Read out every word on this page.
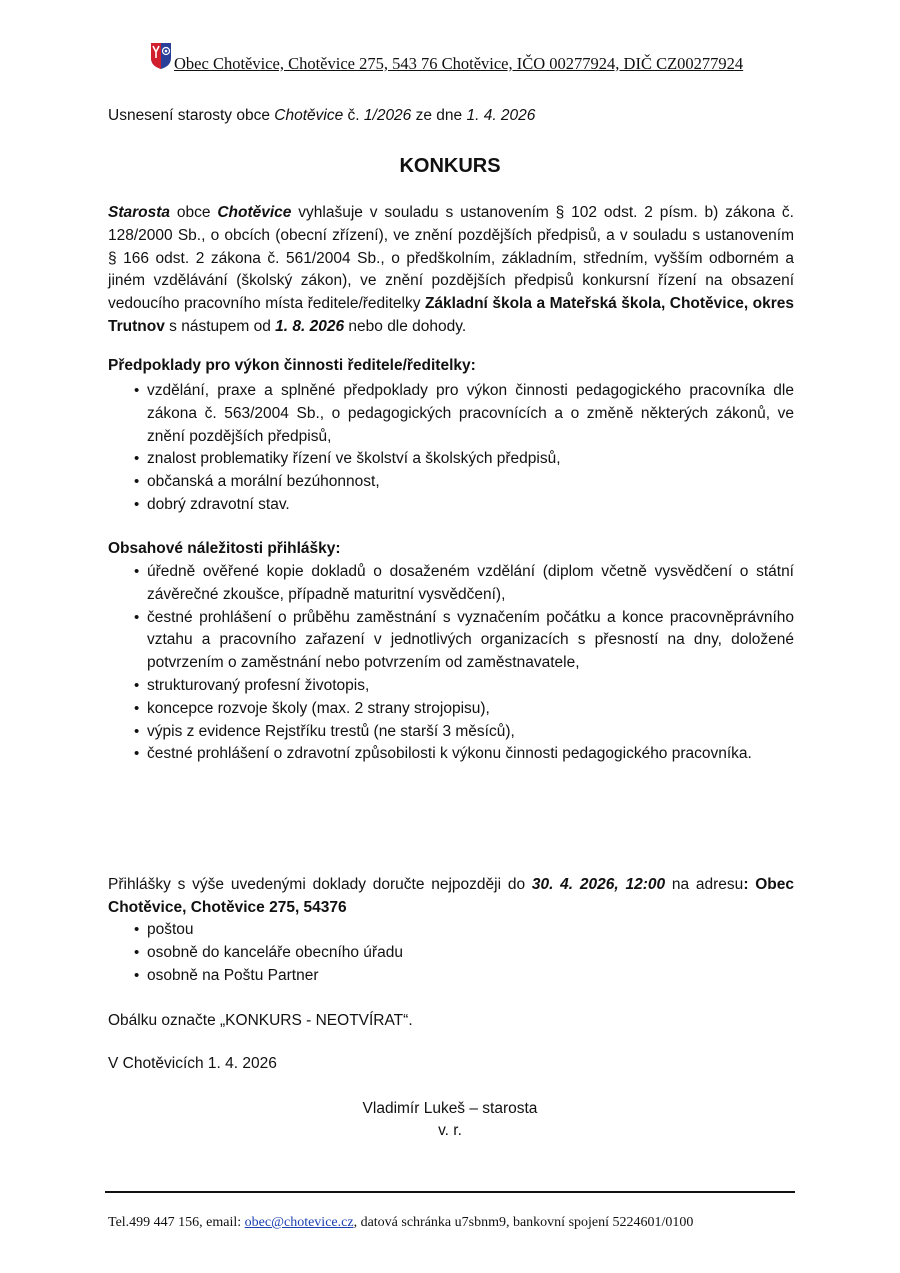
Obec Chotěvice, Chotěvice 275, 543 76 Chotěvice, IČO 00277924, DIČ CZ00277924
Usnesení starosty obce Chotěvice č. 1/2026 ze dne 1. 4. 2026
KONKURS
Starosta obce Chotěvice vyhlašuje v souladu s ustanovením § 102 odst. 2 písm. b) zákona č. 128/2000 Sb., o obcích (obecní zřízení), ve znění pozdějších předpisů, a v souladu s ustanovením § 166 odst. 2 zákona č. 561/2004 Sb., o předškolním, základním, středním, vyšším odborném a jiném vzdělávání (školský zákon), ve znění pozdějších předpisů konkursní řízení na obsazení vedoucího pracovního místa ředitele/ředitelky Základní škola a Mateřská škola, Chotěvice, okres Trutnov s nástupem od 1. 8. 2026 nebo dle dohody.
Předpoklady pro výkon činnosti ředitele/ředitelky:
• vzdělání, praxe a splněné předpoklady pro výkon činnosti pedagogického pracovníka dle zákona č. 563/2004 Sb., o pedagogických pracovnících a o změně některých zákonů, ve znění pozdějších předpisů,
• znalost problematiky řízení ve školství a školských předpisů,
• občanská a morální bezúhonnost,
• dobrý zdravotní stav.
Obsahové náležitosti přihlášky:
• úředně ověřené kopie dokladů o dosaženém vzdělání (diplom včetně vysvědčení o státní závěrečné zkoušce, případně maturitní vysvědčení),
• čestné prohlášení o průběhu zaměstnání s vyznačením počátku a konce pracovněprávního vztahu a pracovního zařazení v jednotlivých organizacích s přesností na dny, doložené potvrzením o zaměstnání nebo potvrzením od zaměstnavatele,
• strukturovaný profesní životopis,
• koncepce rozvoje školy (max. 2 strany strojopisu),
• výpis z evidence Rejstříku trestů (ne starší 3 měsíců),
• čestné prohlášení o zdravotní způsobilosti k výkonu činnosti pedagogického pracovníka.
Přihlášky s výše uvedenými doklady doručte nejpozději do 30. 4. 2026, 12:00 na adresu: Obec Chotěvice, Chotěvice 275, 54376
• poštou
• osobně do kanceláře obecního úřadu
• osobně na Poštu Partner
Obálku označte „KONKURS - NEOTVÍRAT“.
V Chotěvicích 1. 4. 2026
Vladimír Lukeš – starosta
v. r.
Tel.499 447 156, email: obec@chotevice.cz, datová schránka u7sbnm9, bankovní spojení 5224601/0100
